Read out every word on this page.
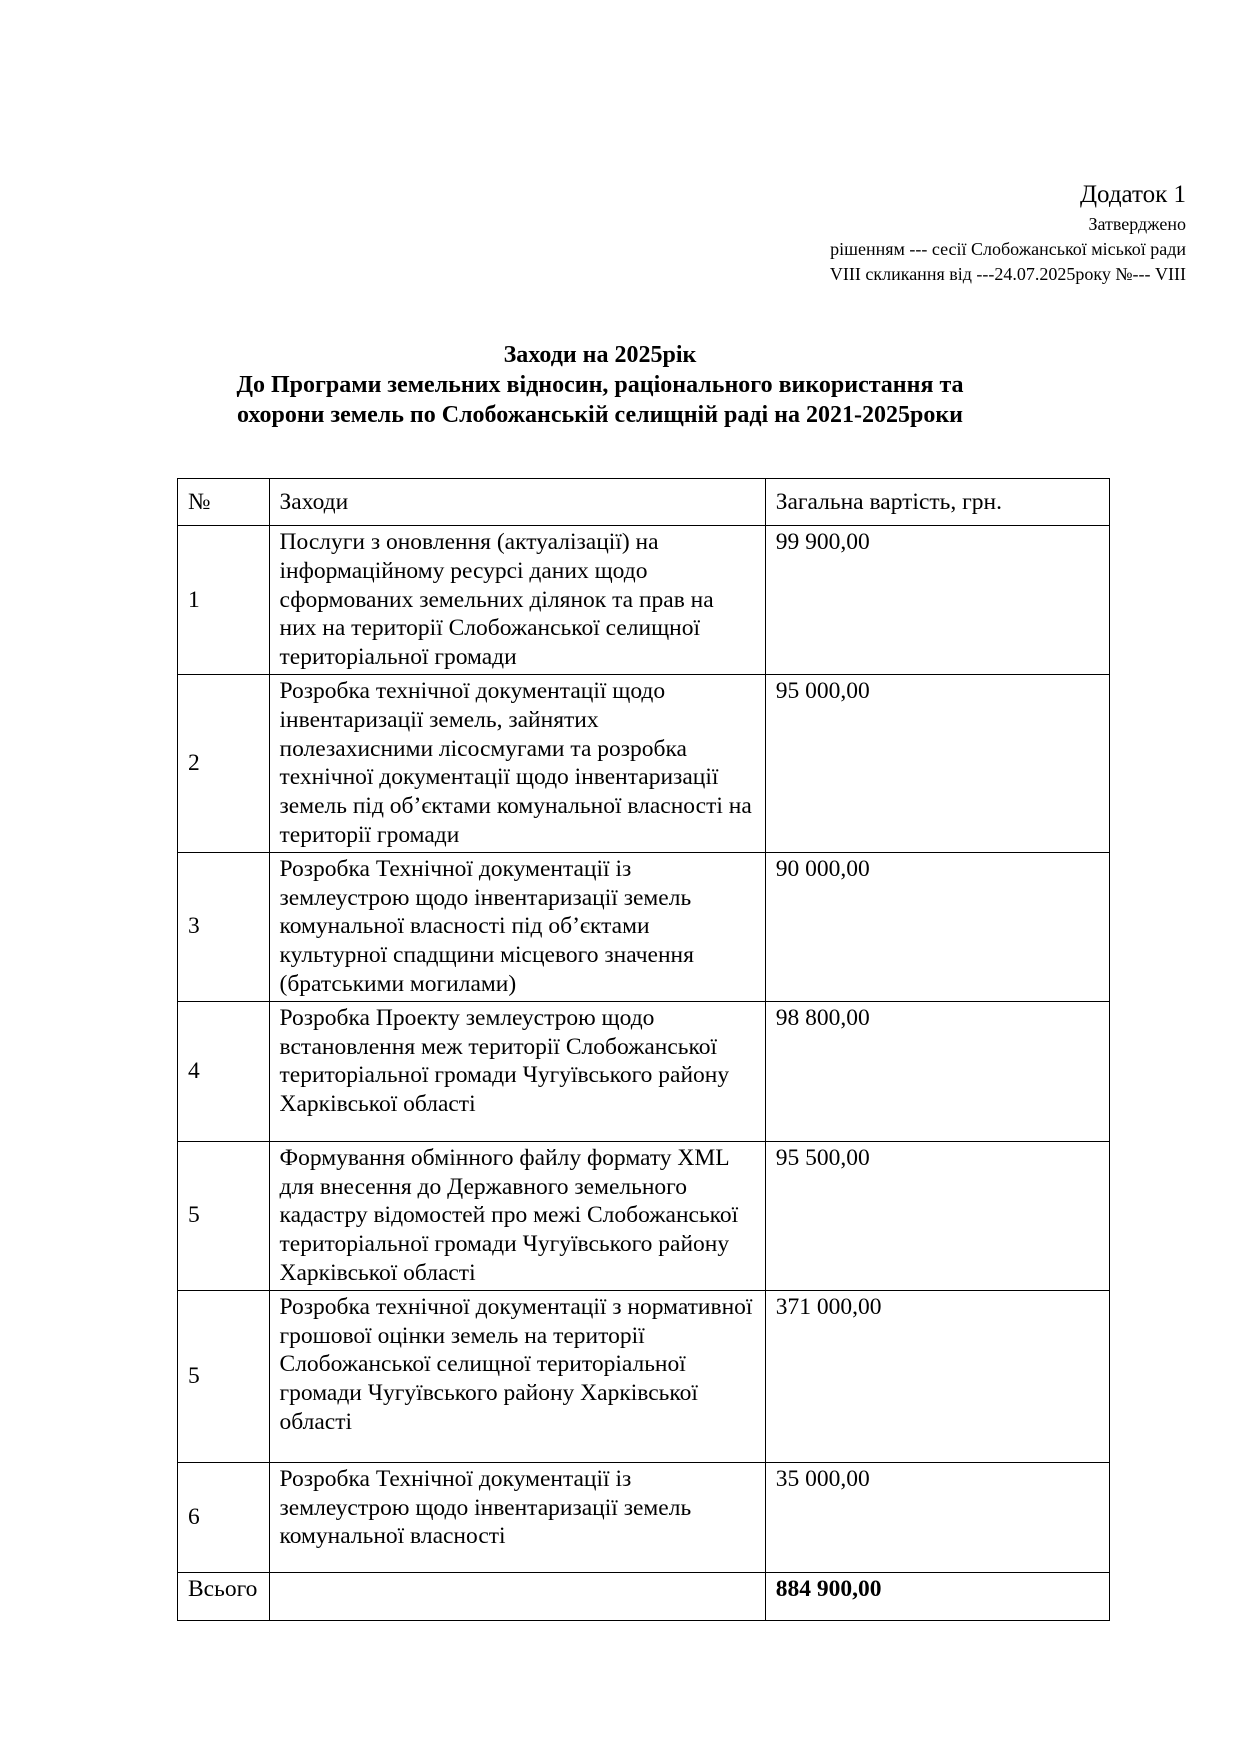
Додаток 1
Затверджено
рішенням --- сесії Слобожанської міської ради
VIII скликання від ---24.07.2025року №--- VIII
Заходи на 2025рік
До Програми земельних відносин, раціонального використання та
охорони земель по Слобожанській селищній раді на 2021-2025роки
№	Заходи	Загальна вартість, грн.
1	Послуги з оновлення (актуалізації) на інформаційному ресурсі даних щодо сформованих земельних ділянок та прав на них на території Слобожанської селищної територіальної громади	99 900,00
2	Розробка технічної документації щодо інвентаризації земель, зайнятих полезахисними лісосмугами та розробка технічної документації щодо інвентаризації земель під об’єктами комунальної власності на території громади	95 000,00
3	Розробка Технічної документації із землеустрою щодо інвентаризації земель комунальної власності під об’єктами культурної спадщини місцевого значення (братськими могилами)	90 000,00
4	Розробка Проекту землеустрою щодо встановлення меж території Слобожанської територіальної громади Чугуївського району Харківської області	98 800,00
5	Формування обмінного файлу формату XML для внесення до Державного земельного кадастру відомостей про межі Слобожанської територіальної громади Чугуївського району Харківської області	95 500,00
5	Розробка технічної документації з нормативної грошової оцінки земель на території Слобожанської селищної територіальної громади Чугуївського району Харківської області	371 000,00
6	Розробка Технічної документації із землеустрою щодо інвентаризації земель комунальної власності	35 000,00
Всього		884 900,00
